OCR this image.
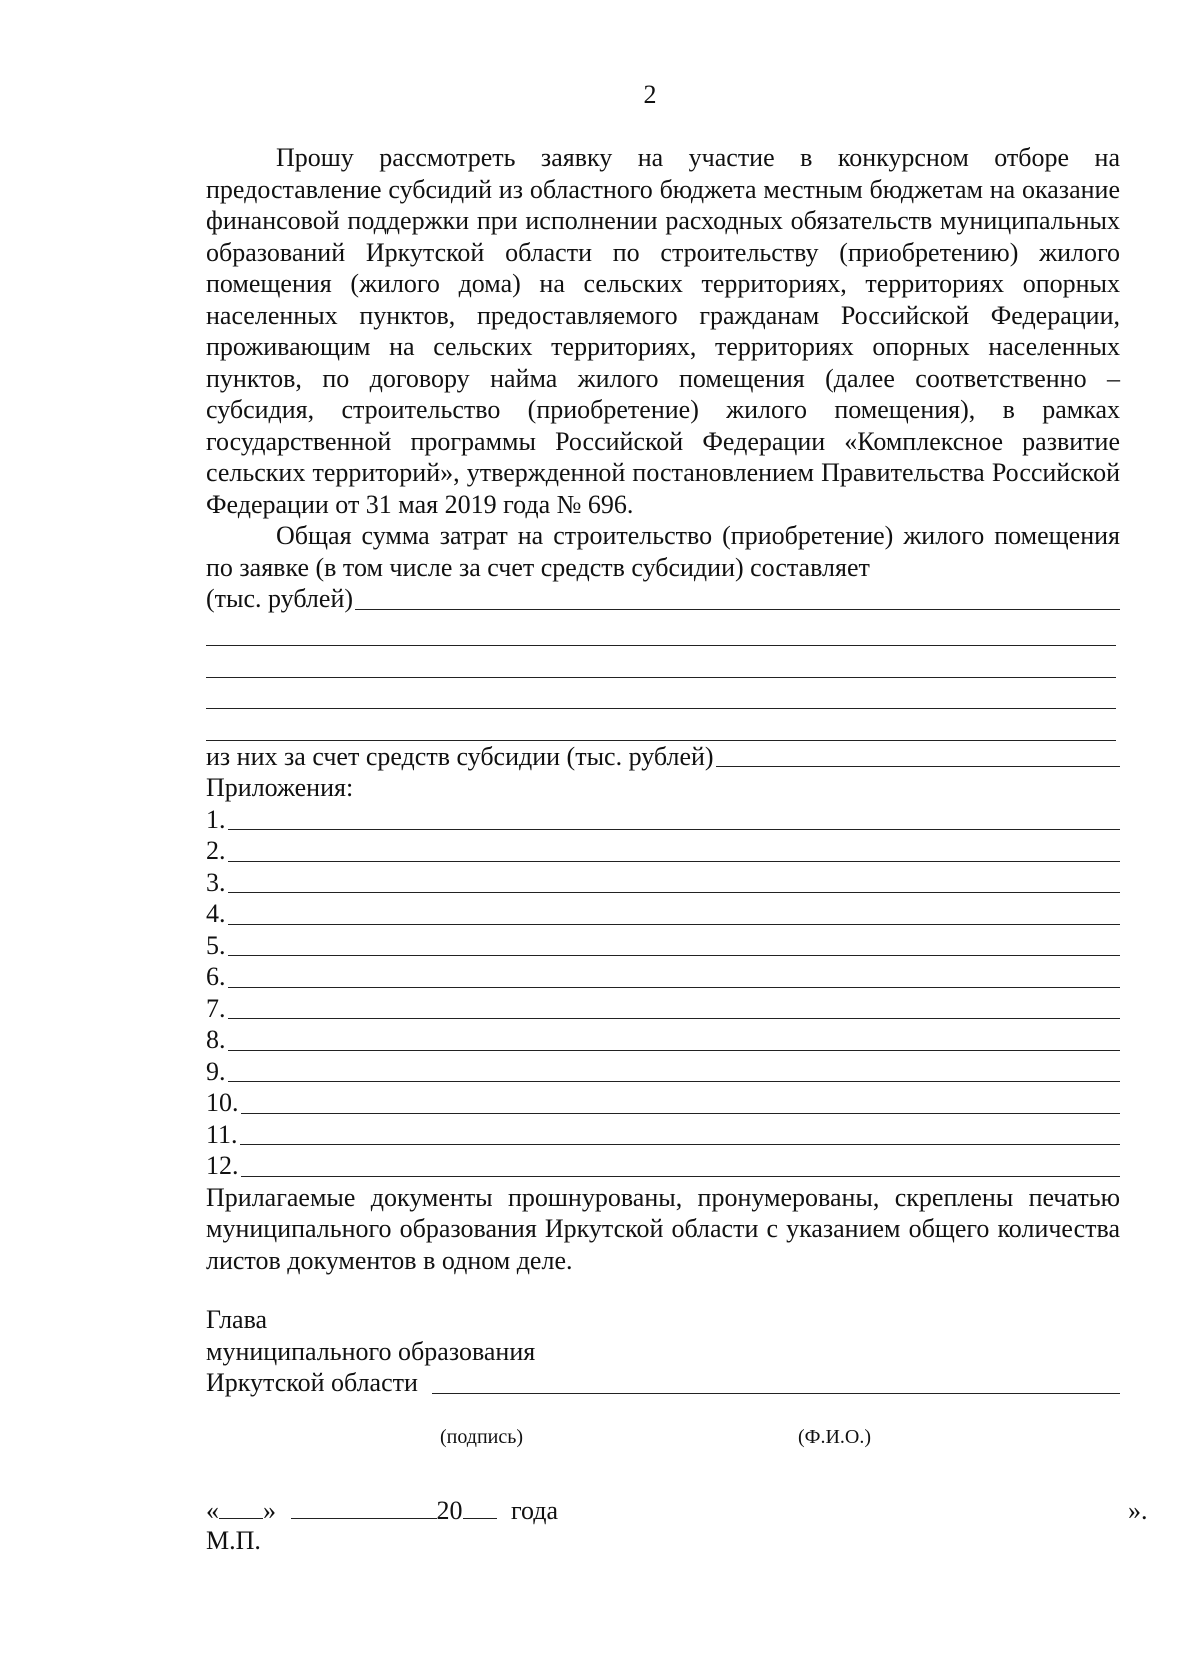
2

Прошу рассмотреть заявку на участие в конкурсном отборе на предоставление субсидий из областного бюджета местным бюджетам на оказание финансовой поддержки при исполнении расходных обязательств муниципальных образований Иркутской области по строительству (приобретению) жилого помещения (жилого дома) на сельских территориях, территориях опорных населенных пунктов, предоставляемого гражданам Российской Федерации, проживающим на сельских территориях, территориях опорных населенных пунктов, по договору найма жилого помещения (далее соответственно – субсидия, строительство (приобретение) жилого помещения), в рамках государственной программы Российской Федерации «Комплексное развитие сельских территорий», утвержденной постановлением Правительства Российской Федерации от 31 мая 2019 года № 696.

Общая сумма затрат на строительство (приобретение) жилого помещения по заявке (в том числе за счет средств субсидии) составляет

(тыс. рублей)
из них за счет средств субсидии (тыс. рублей)
Приложения:
1.
2.
3.
4.
5.
6.
7.
8.
9.
10.
11.
12.

Прилагаемые документы прошнурованы, пронумерованы, скреплены печатью муниципального образования Иркутской области с указанием общего количества листов документов в одном деле.

Глава
муниципального образования
Иркутской области
(подпись)	(Ф.И.О.)
« »	20 года	».
М.П.
